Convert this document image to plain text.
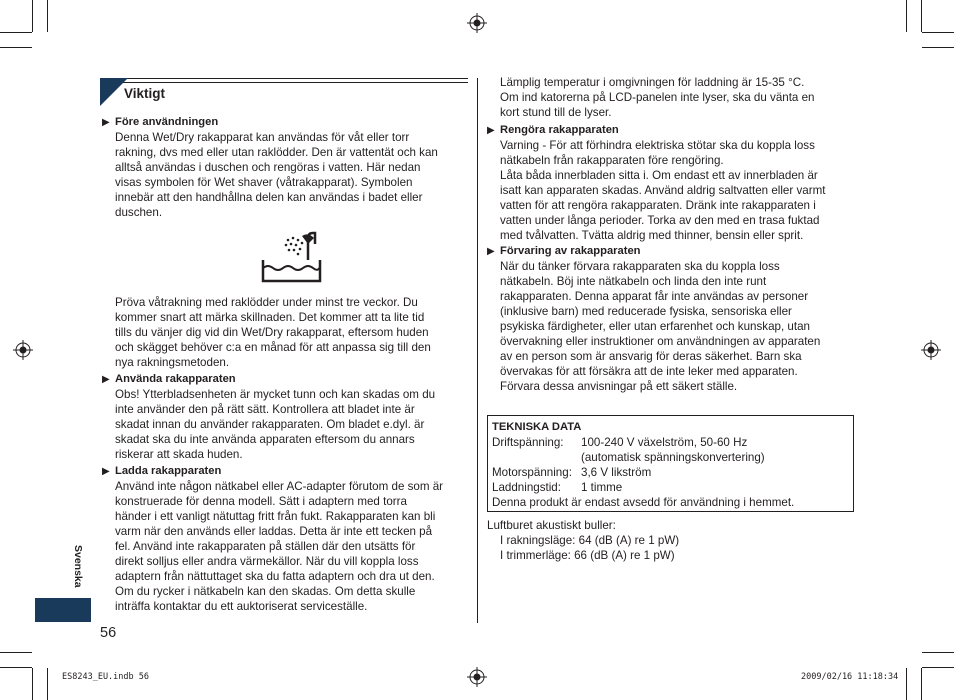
Viktigt
▶ Före användningen
Denna Wet/Dry rakapparat kan användas för våt eller torr
rakning, dvs med eller utan raklödder. Den är vattentät och kan
alltså användas i duschen och rengöras i vatten. Här nedan
visas symbolen för Wet shaver (våtrakapparat). Symbolen
innebär att den handhållna delen kan användas i badet eller
duschen.
Pröva våtrakning med raklödder under minst tre veckor. Du
kommer snart att märka skillnaden. Det kommer att ta lite tid
tills du vänjer dig vid din Wet/Dry rakapparat, eftersom huden
och skägget behöver c:a en månad för att anpassa sig till den
nya rakningsmetoden.
▶ Använda rakapparaten
Obs! Ytterbladsenheten är mycket tunn och kan skadas om du
inte använder den på rätt sätt. Kontrollera att bladet inte är
skadat innan du använder rakapparaten. Om bladet e.dyl. är
skadat ska du inte använda apparaten eftersom du annars
riskerar att skada huden.
▶ Ladda rakapparaten
Använd inte någon nätkabel eller AC-adapter förutom de som är
konstruerade för denna modell. Sätt i adaptern med torra
händer i ett vanligt nätuttag fritt från fukt. Rakapparaten kan bli
varm när den används eller laddas. Detta är inte ett tecken på
fel. Använd inte rakapparaten på ställen där den utsätts för
direkt solljus eller andra värmekällor. När du vill koppla loss
adaptern från nättuttaget ska du fatta adaptern och dra ut den.
Om du rycker i nätkabeln kan den skadas. Om detta skulle
inträffa kontaktar du ett auktoriserat serviceställe.
Lämplig temperatur i omgivningen för laddning är 15-35 °C.
Om ind katorerna på LCD-panelen inte lyser, ska du vänta en
kort stund till de lyser.
▶ Rengöra rakapparaten
Varning - För att förhindra elektriska stötar ska du koppla loss
nätkabeln från rakapparaten före rengöring.
Låta båda innerbladen sitta i. Om endast ett av innerbladen är
isatt kan apparaten skadas. Använd aldrig saltvatten eller varmt
vatten för att rengöra rakapparaten. Dränk inte rakapparaten i
vatten under långa perioder. Torka av den med en trasa fuktad
med tvålvatten. Tvätta aldrig med thinner, bensin eller sprit.
▶ Förvaring av rakapparaten
När du tänker förvara rakapparaten ska du koppla loss
nätkabeln. Böj inte nätkabeln och linda den inte runt
rakapparaten. Denna apparat får inte användas av personer
(inklusive barn) med reducerade fysiska, sensoriska eller
psykiska färdigheter, eller utan erfarenhet och kunskap, utan
övervakning eller instruktioner om användningen av apparaten
av en person som är ansvarig för deras säkerhet. Barn ska
övervakas för att försäkra att de inte leker med apparaten.
Förvara dessa anvisningar på ett säkert ställe.
TEKNISKA DATA
Driftspänning: 100-240 V växelström, 50-60 Hz
(automatisk spänningskonvertering)
Motorspänning: 3,6 V likström
Laddningstid: 1 timme
Denna produkt är endast avsedd för användning i hemmet.
Luftburet akustiskt buller:
I rakningsläge: 64 (dB (A) re 1 pW)
I trimmerläge: 66 (dB (A) re 1 pW)
Svenska
56
ES8243_EU.indb 56	2009/02/16 11:18:34
